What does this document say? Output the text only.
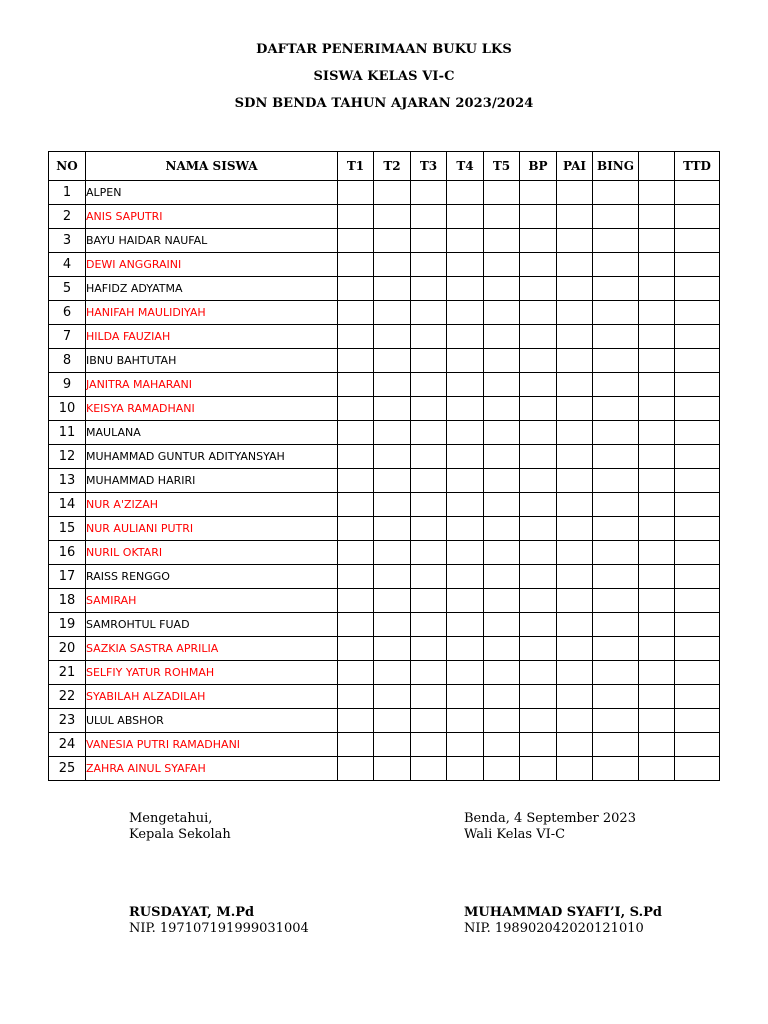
DAFTAR PENERIMAAN BUKU LKS
SISWA KELAS VI-C
SDN BENDA TAHUN AJARAN 2023/2024
NO	NAMA SISWA	T1	T2	T3	T4	T5	BP	PAI	BING		TTD
1	ALPEN										
2	ANIS SAPUTRI										
3	BAYU HAIDAR NAUFAL										
4	DEWI ANGGRAINI										
5	HAFIDZ ADYATMA										
6	HANIFAH MAULIDIYAH										
7	HILDA FAUZIAH										
8	IBNU BAHTUTAH										
9	JANITRA MAHARANI										
10	KEISYA RAMADHANI										
11	MAULANA										
12	MUHAMMAD GUNTUR ADITYANSYAH										
13	MUHAMMAD HARIRI										
14	NUR A'ZIZAH										
15	NUR AULIANI PUTRI										
16	NURIL OKTARI										
17	RAISS RENGGO										
18	SAMIRAH										
19	SAMROHTUL FUAD										
20	SAZKIA SASTRA APRILIA										
21	SELFIY YATUR ROHMAH										
22	SYABILAH ALZADILAH										
23	ULUL ABSHOR										
24	VANESIA PUTRI RAMADHANI										
25	ZAHRA AINUL SYAFAH										
Mengetahui,
Kepala Sekolah
RUSDAYAT, M.Pd
NIP. 197107191999031004
Benda, 4 September 2023
Wali Kelas VI-C
MUHAMMAD SYAFI’I, S.Pd
NIP. 198902042020121010
